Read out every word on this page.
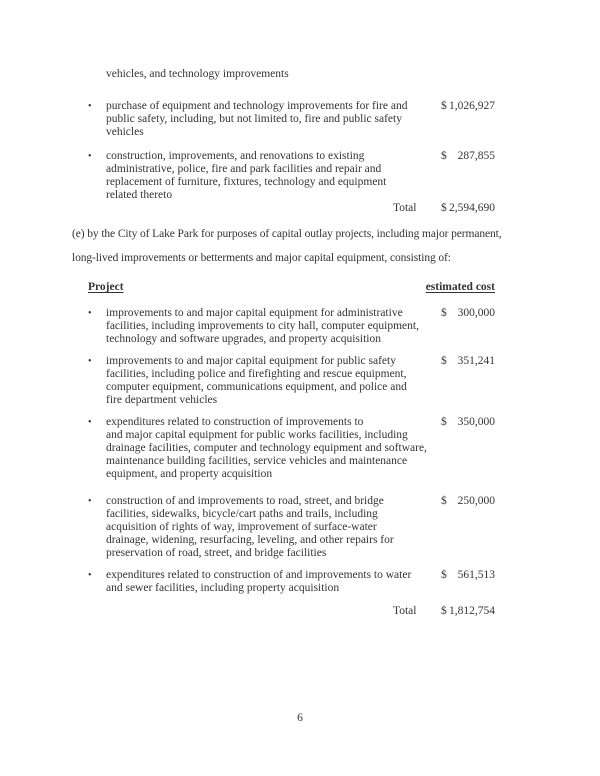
vehicles, and technology improvements
•	purchase of equipment and technology improvements for fire and
public safety, including, but not limited to, fire and public safety
vehicles
$ 1,026,927
•	construction, improvements, and renovations to existing
administrative, police, fire and park facilities and repair and
replacement of furniture, fixtures, technology and equipment
related thereto
$ 287,855
Total $ 2,594,690

(e) by the City of Lake Park for purposes of capital outlay projects, including major permanent,
long-lived improvements or betterments and major capital equipment, consisting of:

Project	estimated cost
•	improvements to and major capital equipment for administrative
facilities, including improvements to city hall, computer equipment,
technology and software upgrades, and property acquisition
$ 300,000
•	improvements to and major capital equipment for public safety
facilities, including police and firefighting and rescue equipment,
computer equipment, communications equipment, and police and
fire department vehicles
$ 351,241
•	expenditures related to construction of improvements to
and major capital equipment for public works facilities, including
drainage facilities, computer and technology equipment and software,
maintenance building facilities, service vehicles and maintenance
equipment, and property acquisition
$ 350,000
•	construction of and improvements to road, street, and bridge
facilities, sidewalks, bicycle/cart paths and trails, including
acquisition of rights of way, improvement of surface-water
drainage, widening, resurfacing, leveling, and other repairs for
preservation of road, street, and bridge facilities
$ 250,000
•	expenditures related to construction of and improvements to water
and sewer facilities, including property acquisition
$ 561,513
Total $ 1,812,754
6
